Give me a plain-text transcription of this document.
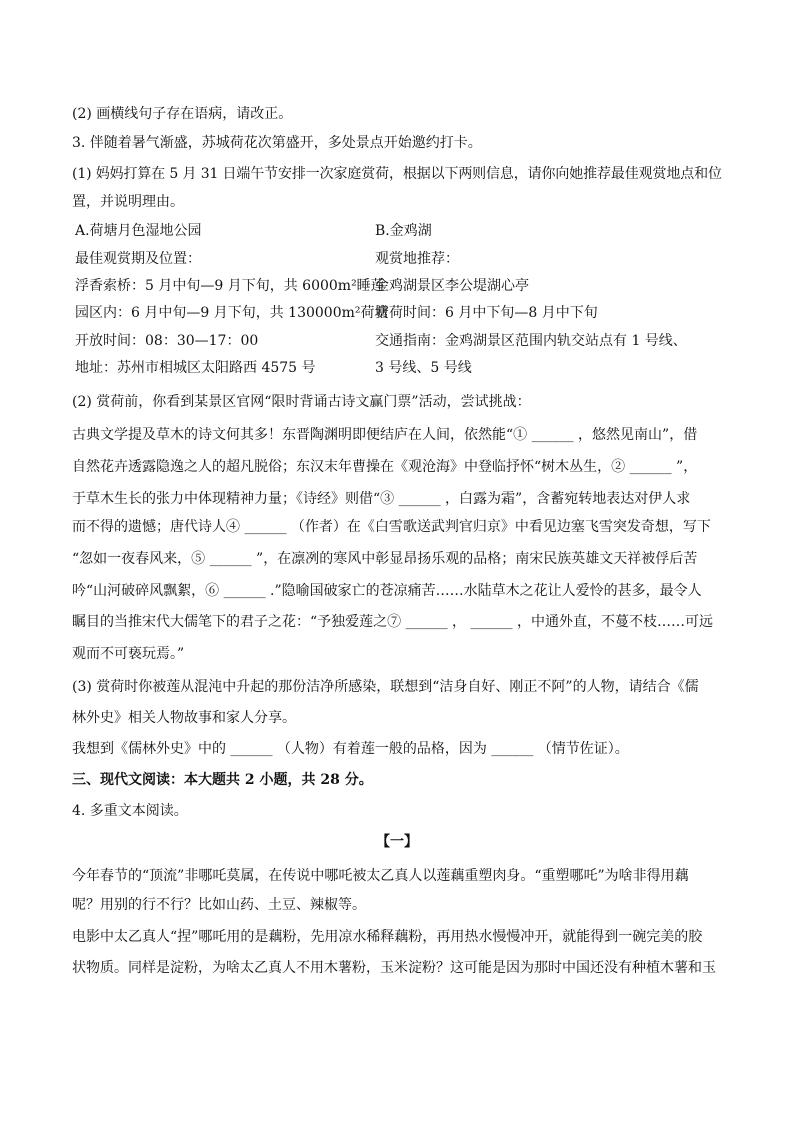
(2) 画横线句子存在语病，请改正。
3. 伴随着暑气渐盛，苏城荷花次第盛开，多处景点开始邀约打卡。
(1) 妈妈打算在 5 月 31 日端午节安排一次家庭赏荷，根据以下两则信息，请你向她推荐最佳观赏地点和位
置，并说明理由。
A.荷塘月色湿地公园
最佳观赏期及位置：
浮香索桥：5 月中旬—9 月下旬，共 6000m²睡莲
园区内：6 月中旬—9 月下旬，共 130000m²荷塘
开放时间：08：30—17：00
地址：苏州市相城区太阳路西 4575 号
B.金鸡湖
观赏地推荐：
金鸡湖景区李公堤湖心亭
赏荷时间：6 月中下旬—8 月中下旬
交通指南：金鸡湖景区范围内轨交站点有 1 号线、
3 号线、5 号线
(2) 赏荷前，你看到某景区官网“限时背诵古诗文赢门票”活动，尝试挑战：
古典文学提及草木的诗文何其多！东晋陶渊明即便结庐在人间，依然能“① ______ ，悠然见南山”，借
自然花卉透露隐逸之人的超凡脱俗；东汉末年曹操在《观沧海》中登临抒怀“树木丛生，② ______ ”，
于草木生长的张力中体现精神力量；《诗经》则借“③ ______ ，白露为霜”，含蓄宛转地表达对伊人求
而不得的遗憾；唐代诗人④ ______ （作者）在《白雪歌送武判官归京》中看见边塞飞雪突发奇想，写下
“忽如一夜春风来，⑤ ______ ”，在凛冽的寒风中彰显昂扬乐观的品格；南宋民族英雄文天祥被俘后苦
吟“山河破碎风飘絮，⑥ ______ .”隐喻国破家亡的苍凉痛苦……水陆草木之花让人爱怜的甚多，最令人
瞩目的当推宋代大儒笔下的君子之花：“予独爱莲之⑦ ______ ， ______ ，中通外直，不蔓不枝……可远
观而不可亵玩焉。”
(3) 赏荷时你被莲从混沌中升起的那份洁净所感染，联想到“洁身自好、刚正不阿”的人物，请结合《儒
林外史》相关人物故事和家人分享。
我想到《儒林外史》中的 ______ （人物）有着莲一般的品格，因为 ______ （情节佐证）。
三、现代文阅读：本大题共 2 小题，共 28 分。
4. 多重文本阅读。
【一】
今年春节的“顶流”非哪吒莫属，在传说中哪吒被太乙真人以莲藕重塑肉身。“重塑哪吒”为啥非得用藕
呢？用别的行不行？比如山药、土豆、辣椒等。
电影中太乙真人“捏”哪吒用的是藕粉，先用凉水稀释藕粉，再用热水慢慢冲开，就能得到一碗完美的胶
状物质。同样是淀粉，为啥太乙真人不用木薯粉，玉米淀粉？这可能是因为那时中国还没有种植木薯和玉
